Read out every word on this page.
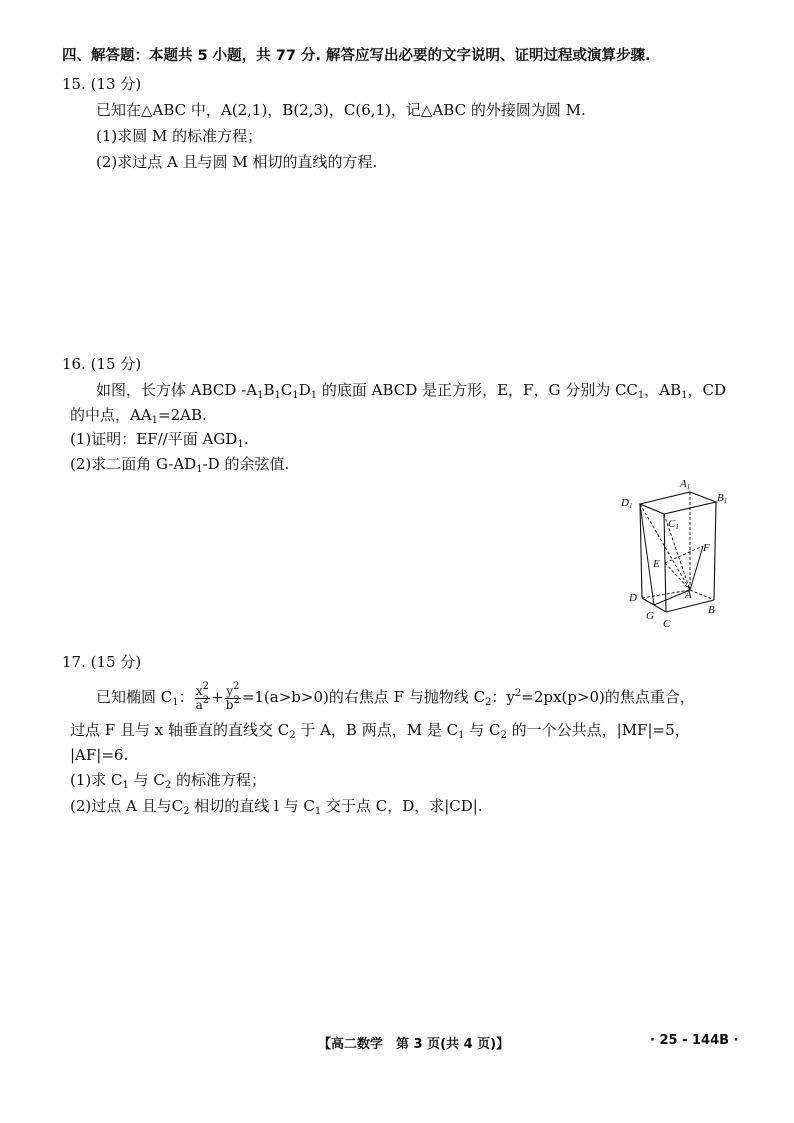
四、解答题：本题共 5 小题，共 77 分. 解答应写出必要的文字说明、证明过程或演算步骤.
15. (13 分)
已知在△ABC 中，A(2,1)，B(2,3)，C(6,1)，记△ABC 的外接圆为圆 M.
(1)求圆 M 的标准方程；
(2)求过点 A 且与圆 M 相切的直线的方程.
16. (15 分)
如图，长方体 ABCD $-A_1B_1C_1D_1$ 的底面 ABCD 是正方形，E，F，G 分别为 $CC_1$，$AB_1$，CD
的中点，$AA_1=2AB$.
(1)证明：EF//平面 $AGD_1$.
(2)求二面角 $G-AD_1-D$ 的余弦值.
A1
B1
C1
D1
F
E
D	A
B
G
C
17. (15 分)
已知椭圆 $C_1$： $\frac{x^2}{a^2} + \frac{y^2}{b^2} =1(a>b>0)$的右焦点 F 与抛物线 $C_2$：$y^2=2px(p>0)$的焦点重合，
过点 F 且与 x 轴垂直的直线交 $C_2$ 于 A，B 两点，M 是 $C_1$ 与 $C_2$ 的一个公共点，|MF|=5，
|AF|=6.
(1)求 $C_1$ 与 $C_2$ 的标准方程；
(2)过点 A 且与$C_2$ 相切的直线 l 与 $C_1$ 交于点 C，D，求|CD|.
【高二数学　第 3 页(共 4 页)】	· 25 - 144B ·
